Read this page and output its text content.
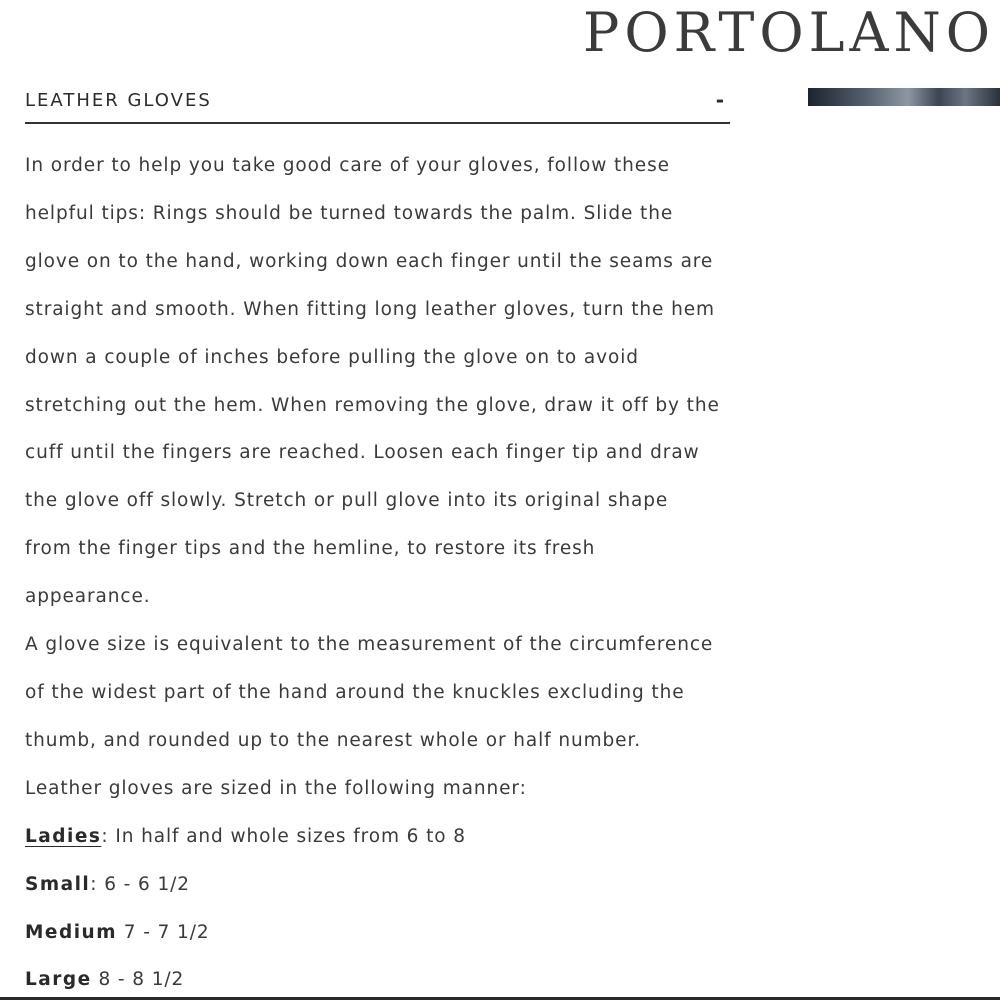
PORTOLANO
LEATHER GLOVES	-
In order to help you take good care of your gloves, follow these
helpful tips: Rings should be turned towards the palm. Slide the
glove on to the hand, working down each finger until the seams are
straight and smooth. When fitting long leather gloves, turn the hem
down a couple of inches before pulling the glove on to avoid
stretching out the hem. When removing the glove, draw it off by the
cuff until the fingers are reached. Loosen each finger tip and draw
the glove off slowly. Stretch or pull glove into its original shape
from the finger tips and the hemline, to restore its fresh
appearance.
A glove size is equivalent to the measurement of the circumference
of the widest part of the hand around the knuckles excluding the
thumb, and rounded up to the nearest whole or half number.
Leather gloves are sized in the following manner:
Ladies: In half and whole sizes from 6 to 8
Small: 6 - 6 1/2
Medium 7 - 7 1/2
Large 8 - 8 1/2
